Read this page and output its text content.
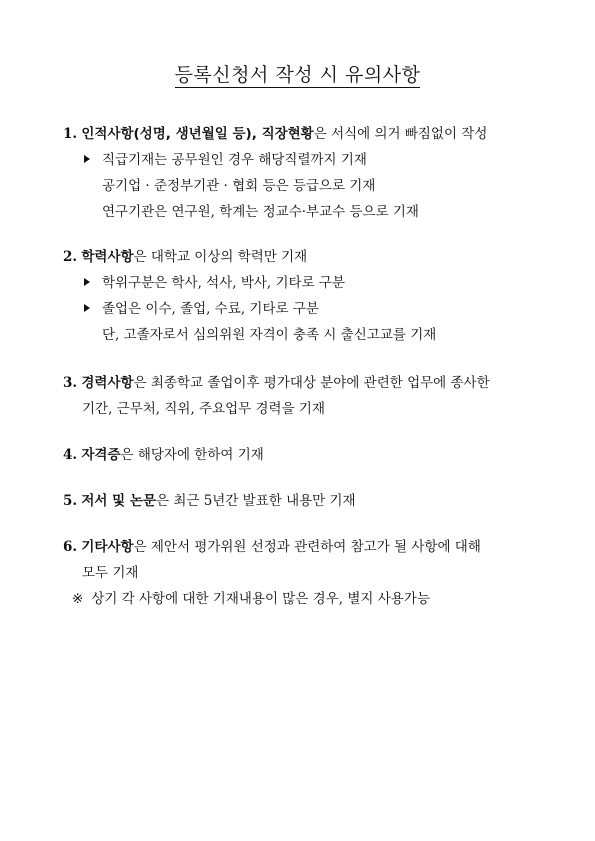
등록신청서 작성 시 유의사항
1. 인적사항(성명, 생년월일 등), 직장현황은 서식에 의거 빠짐없이 작성
직급기재는 공무원인 경우 해당직렬까지 기재
공기업 · 준정부기관 · 협회 등은 등급으로 기재
연구기관은 연구원, 학계는 정교수·부교수 등으로 기재
2. 학력사항은 대학교 이상의 학력만 기재
학위구분은 학사, 석사, 박사, 기타로 구분
졸업은 이수, 졸업, 수료, 기타로 구분
단, 고졸자로서 심의위원 자격이 충족 시 출신고교를 기재
3. 경력사항은 최종학교 졸업이후 평가대상 분야에 관련한 업무에 종사한
기간, 근무처, 직위, 주요업무 경력을 기재
4. 자격증은 해당자에 한하여 기재
5. 저서 및 논문은 최근 5년간 발표한 내용만 기재
6. 기타사항은 제안서 평가위원 선정과 관련하여 참고가 될 사항에 대해
모두 기재
※ 상기 각 사항에 대한 기재내용이 많은 경우, 별지 사용가능
